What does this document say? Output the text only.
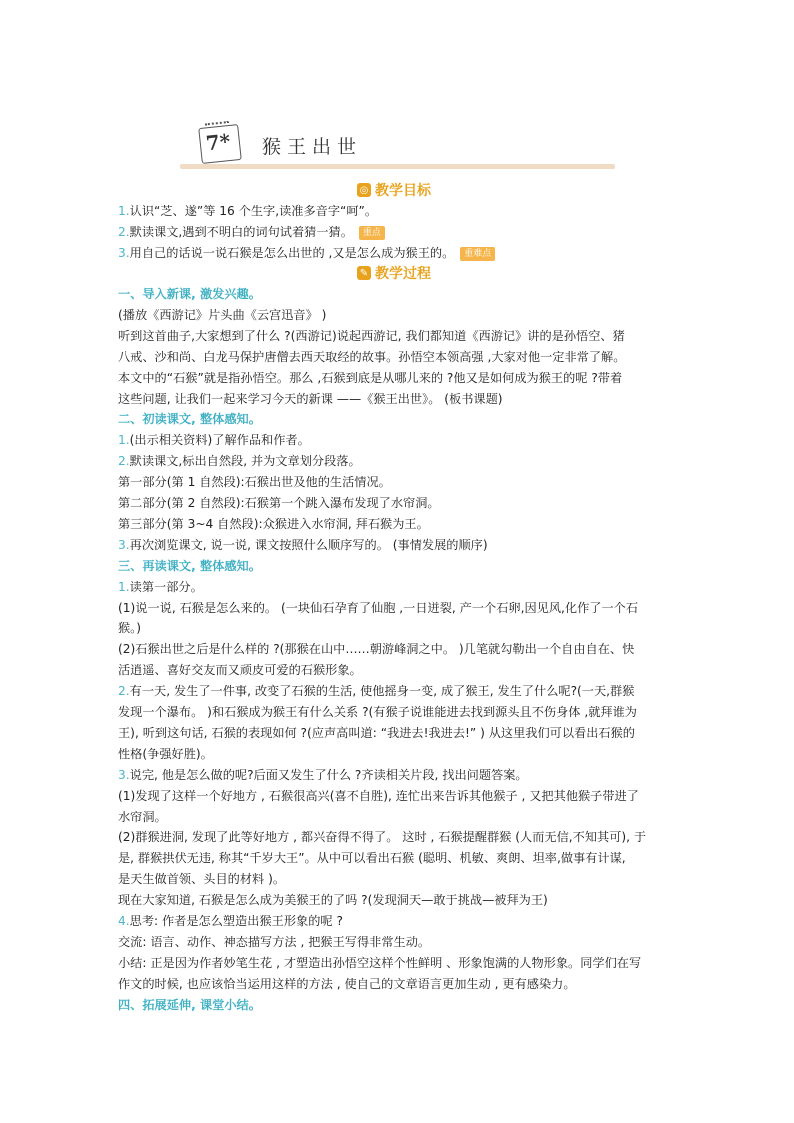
7* 猴王出世
◎ 教学目标
1.认识“芝、遂”等 16 个生字,读准多音字“呵”。
2.默读课文,遇到不明白的词句试着猜一猜。 重点
3.用自己的话说一说石猴是怎么出世的 ,又是怎么成为猴王的。 重难点
✎ 教学过程
一、导入新课, 激发兴趣。
(播放《西游记》片头曲《云宫迅音》 )
听到这首曲子,大家想到了什么 ?(西游记)说起西游记, 我们都知道《西游记》讲的是孙悟空、猪
八戒、沙和尚、白龙马保护唐僧去西天取经的故事。孙悟空本领高强 ,大家对他一定非常了解。
本文中的“石猴”就是指孙悟空。那么 ,石猴到底是从哪儿来的 ?他又是如何成为猴王的呢 ?带着
这些问题, 让我们一起来学习今天的新课 ——《猴王出世》。 (板书课题)
二、初读课文, 整体感知。
1.(出示相关资料)了解作品和作者。
2.默读课文,标出自然段, 并为文章划分段落。
第一部分(第 1 自然段):石猴出世及他的生活情况。
第二部分(第 2 自然段):石猴第一个跳入瀑布发现了水帘洞。
第三部分(第 3~4 自然段):众猴进入水帘洞, 拜石猴为王。
3.再次浏览课文, 说一说, 课文按照什么顺序写的。 (事情发展的顺序)
三、再读课文, 整体感知。
1.读第一部分。
(1)说一说, 石猴是怎么来的。 (一块仙石孕育了仙胞 ,一日迸裂, 产一个石卵,因见风,化作了一个石
猴。)
(2)石猴出世之后是什么样的 ?(那猴在山中……朝游峰洞之中。 )几笔就勾勒出一个自由自在、快
活逍遥、喜好交友而又顽皮可爱的石猴形象。
2.有一天, 发生了一件事, 改变了石猴的生活, 使他摇身一变, 成了猴王, 发生了什么呢?(一天,群猴
发现一个瀑布。 )和石猴成为猴王有什么关系 ?(有猴子说谁能进去找到源头且不伤身体 ,就拜谁为
王), 听到这句话, 石猴的表现如何 ?(应声高叫道: “我进去!我进去!” ) 从这里我们可以看出石猴的
性格(争强好胜)。
3.说完, 他是怎么做的呢?后面又发生了什么 ?齐读相关片段, 找出问题答案。
(1)发现了这样一个好地方 , 石猴很高兴(喜不自胜), 连忙出来告诉其他猴子 , 又把其他猴子带进了
水帘洞。
(2)群猴进洞, 发现了此等好地方 , 都兴奋得不得了。 这时 , 石猴提醒群猴 (人而无信,不知其可), 于
是, 群猴拱伏无违, 称其“千岁大王”。从中可以看出石猴 (聪明、机敏、爽朗、坦率,做事有计谋,
是天生做首领、头目的材料 )。
现在大家知道, 石猴是怎么成为美猴王的了吗 ?(发现洞天—敢于挑战—被拜为王)
4.思考: 作者是怎么塑造出猴王形象的呢 ?
交流: 语言、动作、神态描写方法 , 把猴王写得非常生动。
小结: 正是因为作者妙笔生花 , 才塑造出孙悟空这样个性鲜明 、形象饱满的人物形象。同学们在写
作文的时候, 也应该恰当运用这样的方法 , 使自己的文章语言更加生动 , 更有感染力。
四、拓展延伸, 课堂小结。
